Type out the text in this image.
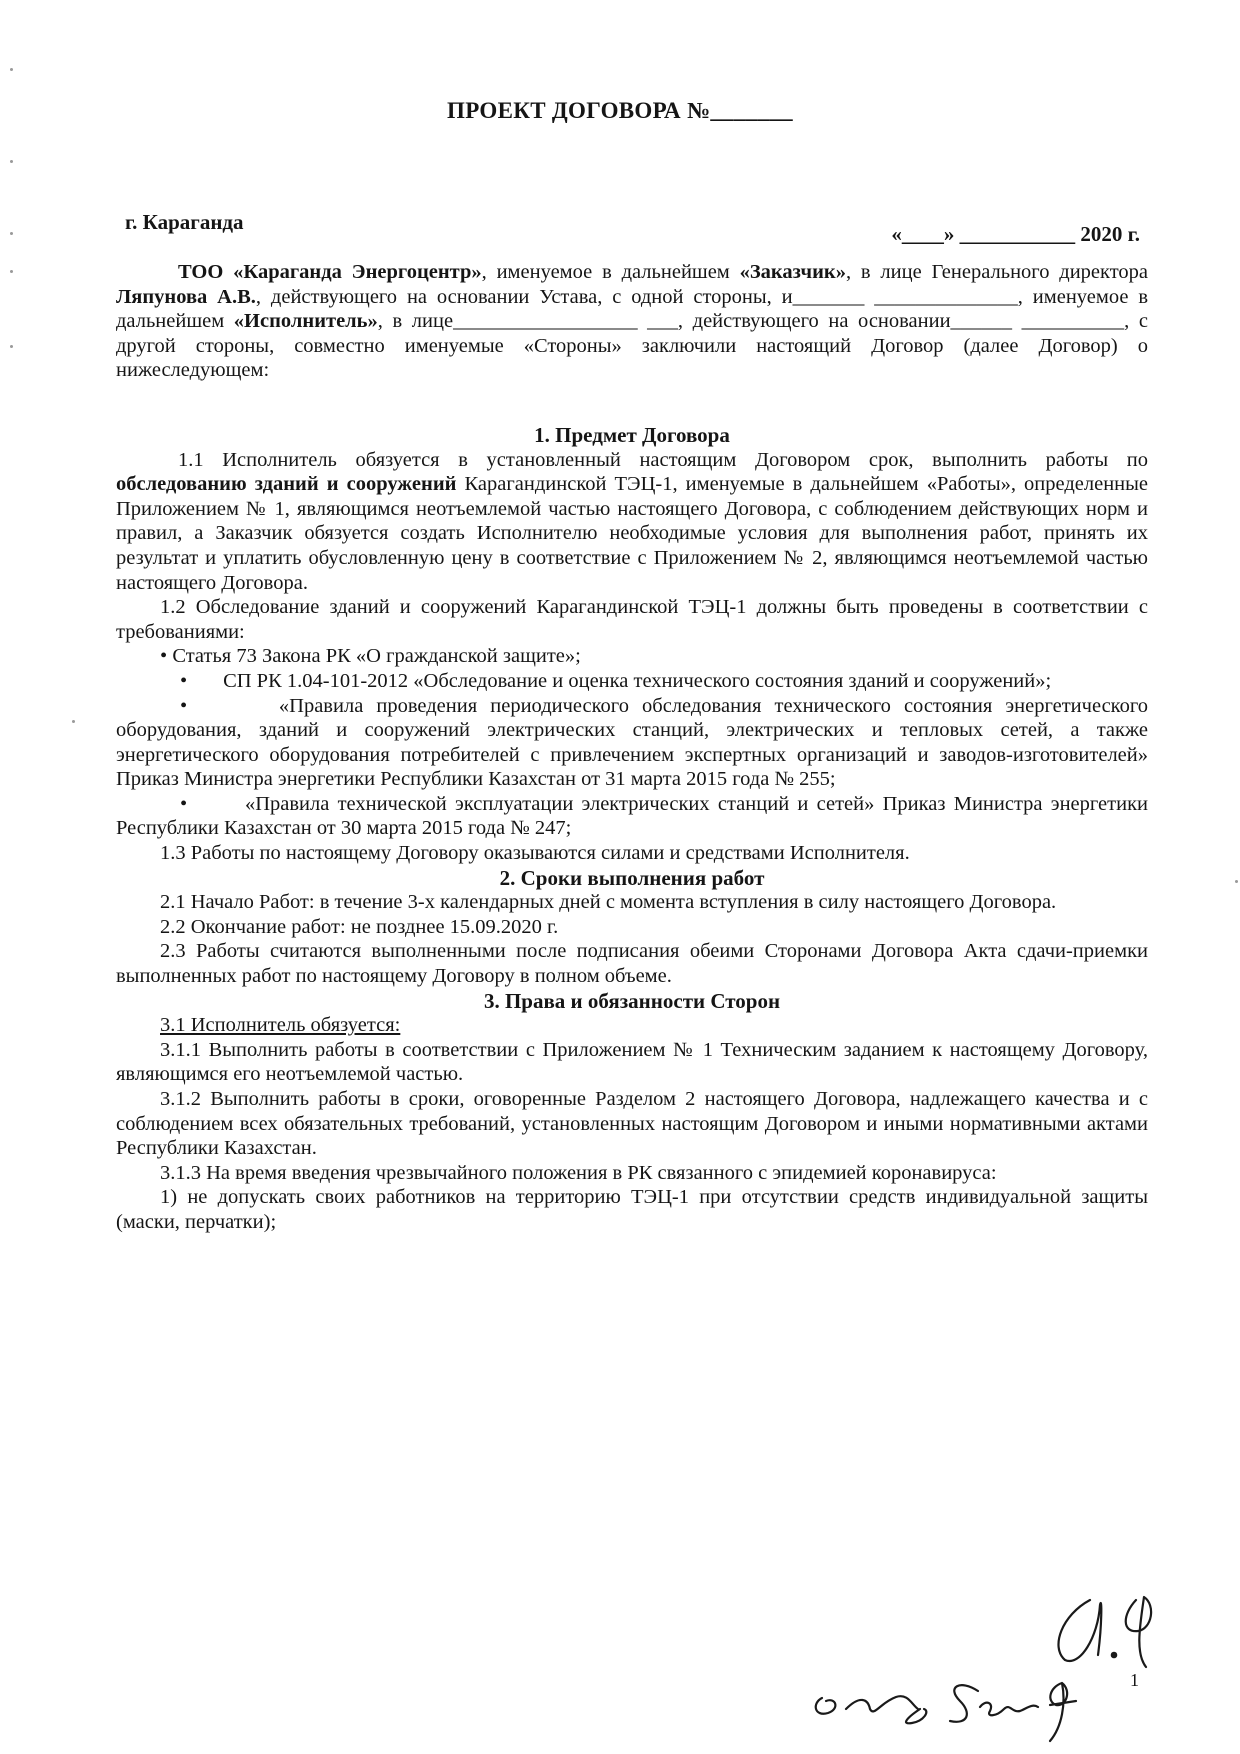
ПРОЕКТ ДОГОВОРА №_______
г. Караганда	«____» ___________ 2020 г.

ТОО «Караганда Энергоцентр», именуемое в дальнейшем «Заказчик», в лице Генерального директора Ляпунова А.В., действующего на основании Устава, с одной стороны, и_______ ______________, именуемое в дальнейшем «Исполнитель», в лице__________________ ___, действующего на основании______ __________, с другой стороны, совместно именуемые «Стороны» заключили настоящий Договор (далее Договор) о нижеследующем:

1. Предмет Договора

1.1 Исполнитель обязуется в установленный настоящим Договором срок, выполнить работы по обследованию зданий и сооружений Карагандинской ТЭЦ-1, именуемые в дальнейшем «Работы», определенные Приложением № 1, являющимся неотъемлемой частью настоящего Договора, с соблюдением действующих норм и правил, а Заказчик обязуется создать Исполнителю необходимые условия для выполнения работ, принять их результат и уплатить обусловленную цену в соответствие с Приложением № 2, являющимся неотъемлемой частью настоящего Договора.

1.2 Обследование зданий и сооружений Карагандинской ТЭЦ-1 должны быть проведены в соответствии с требованиями:

• Статья 73 Закона РК «О гражданской защите»;

•       СП РК 1.04-101-2012 «Обследование и оценка технического состояния зданий и сооружений»;

•       «Правила проведения периодического обследования технического состояния энергетического оборудования, зданий и сооружений электрических станций, электрических и тепловых сетей, а также энергетического оборудования потребителей с привлечением экспертных организаций и заводов-изготовителей» Приказ Министра энергетики Республики Казахстан от 31 марта 2015 года № 255;

•       «Правила технической эксплуатации электрических станций и сетей» Приказ Министра энергетики Республики Казахстан от 30 марта 2015 года № 247;

1.3 Работы по настоящему Договору оказываются силами и средствами Исполнителя.

2. Сроки выполнения работ

2.1 Начало Работ: в течение 3-х календарных дней с момента вступления в силу настоящего Договора.

2.2 Окончание работ: не позднее 15.09.2020 г.

2.3 Работы считаются выполненными после подписания обеими Сторонами Договора Акта сдачи-приемки выполненных работ по настоящему Договору в полном объеме.

3. Права и обязанности Сторон

3.1 Исполнитель обязуется:

3.1.1 Выполнить работы в соответствии с Приложением № 1 Техническим заданием к настоящему Договору, являющимся его неотъемлемой частью.

3.1.2 Выполнить работы в сроки, оговоренные Разделом 2 настоящего Договора, надлежащего качества и с соблюдением всех обязательных требований, установленных настоящим Договором и иными нормативными актами Республики Казахстан.

3.1.3 На время введения чрезвычайного положения в РК связанного с эпидемией коронавируса:

1) не допускать своих работников на территорию ТЭЦ-1 при отсутствии средств индивидуальной защиты (маски, перчатки);

1
